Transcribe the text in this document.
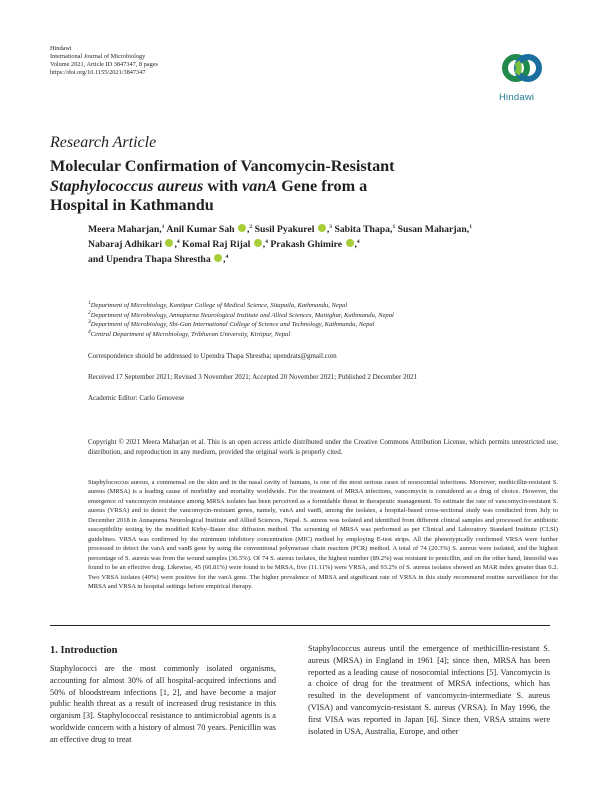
Hindawi
International Journal of Microbiology
Volume 2021, Article ID 3847347, 8 pages
https://doi.org/10.1155/2021/3847347
Hindawi
Research Article
Molecular Confirmation of Vancomycin-Resistant
Staphylococcus aureus with vanA Gene from a
Hospital in Kathmandu
Meera Maharjan,$^1$ Anil Kumar Sah ,$^2$ Susil Pyakurel ,$^3$ Sabita Thapa,$^1$ Susan Maharjan,$^1$
Nabaraj Adhikari ,$^4$ Komal Raj Rijal ,$^4$ Prakash Ghimire ,$^4$
and Upendra Thapa Shrestha ,$^4$
$^1$Department of Microbiology, Kantipur College of Medical Science, Sitapaila, Kathmandu, Nepal
$^2$Department of Microbiology, Annapurna Neurological Institute and Allied Sciences, Maitighar, Kathmandu, Nepal
$^3$Department of Microbiology, Shi-Gan International College of Science and Technology, Kathmandu, Nepal
$^4$Central Department of Microbiology, Tribhuvan University, Kirtipur, Nepal
Correspondence should be addressed to Upendra Thapa Shrestha; upendrats@gmail.com
Received 17 September 2021; Revised 3 November 2021; Accepted 20 November 2021; Published 2 December 2021
Academic Editor: Carlo Genovese
Copyright © 2021 Meera Maharjan et al. This is an open access article distributed under the Creative Commons Attribution License, which permits unrestricted use, distribution, and reproduction in any medium, provided the original work is properly cited.
Staphylococcus aureus, a commensal on the skin and in the nasal cavity of humans, is one of the most serious cases of nosocomial infections. Moreover, methicillin-resistant S. aureus (MRSA) is a leading cause of morbidity and mortality worldwide. For the treatment of MRSA infections, vancomycin is considered as a drug of choice. However, the emergence of vancomycin resistance among MRSA isolates has been perceived as a formidable threat in therapeutic management. To estimate the rate of vancomycin-resistant S. aureus (VRSA) and to detect the vancomycin-resistant genes, namely, vanA and vanB, among the isolates, a hospital-based cross-sectional study was conducted from July to December 2018 in Annapurna Neurological Institute and Allied Sciences, Nepal. S. aureus was isolated and identified from different clinical samples and processed for antibiotic susceptibility testing by the modified Kirby–Bauer disc diffusion method. The screening of MRSA was performed as per Clinical and Laboratory Standard Institute (CLSI) guidelines. VRSA was confirmed by the minimum inhibitory concentration (MIC) method by employing E-test strips. All the phenotypically confirmed VRSA were further processed to detect the vanA and vanB gene by using the conventional polymerase chain reaction (PCR) method. A total of 74 (20.3%) S. aureus were isolated, and the highest percentage of S. aureus was from the wound samples (36.5%). Of 74 S. aureus isolates, the highest number (89.2%) was resistant to penicillin, and on the other hand, linezolid was found to be an effective drug. Likewise, 45 (60.81%) were found to be MRSA, five (11.11%) were VRSA, and 93.2% of S. aureus isolates showed an MAR index greater than 0.2. Two VRSA isolates (40%) were positive for the vanA gene. The higher prevalence of MRSA and significant rate of VRSA in this study recommend routine surveillance for the MRSA and VRSA in hospital settings before empirical therapy.
1. Introduction
Staphylococci are the most commonly isolated organisms, accounting for almost 30% of all hospital-acquired infections and 50% of bloodstream infections [1, 2], and have become a major public health threat as a result of increased drug resistance in this organism [3]. Staphylococcal resistance to antimicrobial agents is a worldwide concern with a history of almost 70 years. Penicillin was an effective drug to treat
Staphylococcus aureus until the emergence of methicillin-resistant S. aureus (MRSA) in England in 1961 [4]; since then, MRSA has been reported as a leading cause of nosocomial infections [5]. Vancomycin is a choice of drug for the treatment of MRSA infections, which has resulted in the development of vancomycin-intermediate S. aureus (VISA) and vancomycin-resistant S. aureus (VRSA). In May 1996, the first VISA was reported in Japan [6]. Since then, VRSA strains were isolated in USA, Australia, Europe, and other
